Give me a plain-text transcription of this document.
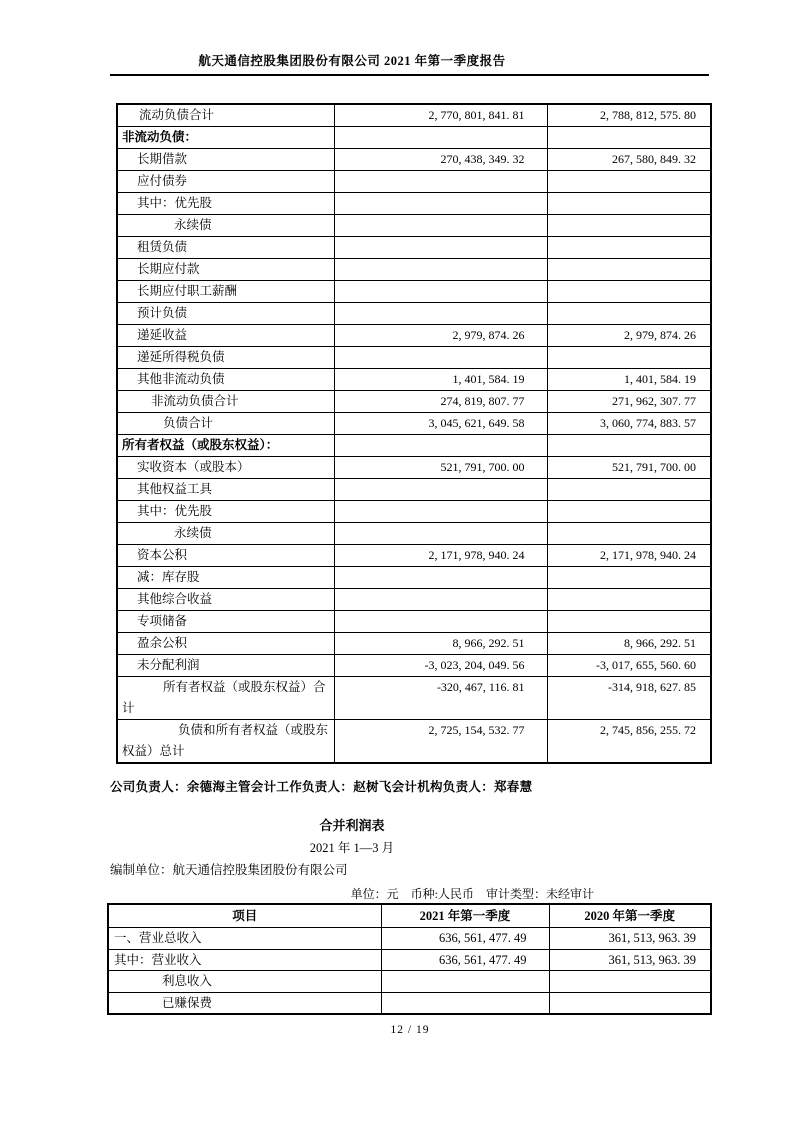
航天通信控股集团股份有限公司 2021 年第一季度报告
流动负债合计	2, 770, 801, 841. 81	2, 788, 812, 575. 80
非流动负债：		
长期借款	270, 438, 349. 32	267, 580, 849. 32
应付债券		
其中：优先股		
永续债		
租赁负债		
长期应付款		
长期应付职工薪酬		
预计负债		
递延收益	2, 979, 874. 26	2, 979, 874. 26
递延所得税负债		
其他非流动负债	1, 401, 584. 19	1, 401, 584. 19
非流动负债合计	274, 819, 807. 77	271, 962, 307. 77
负债合计	3, 045, 621, 649. 58	3, 060, 774, 883. 57
所有者权益（或股东权益）：		
实收资本（或股本）	521, 791, 700. 00	521, 791, 700. 00
其他权益工具		
其中：优先股		
永续债		
资本公积	2, 171, 978, 940. 24	2, 171, 978, 940. 24
减：库存股		
其他综合收益		
专项储备		
盈余公积	8, 966, 292. 51	8, 966, 292. 51
未分配利润	-3, 023, 204, 049. 56	-3, 017, 655, 560. 60
所有者权益（或股东权益）合计	-320, 467, 116. 81	-314, 918, 627. 85
负债和所有者权益（或股东权益）总计	2, 725, 154, 532. 77	2, 745, 856, 255. 72
公司负责人：余德海主管会计工作负责人：赵树飞会计机构负责人：郑春慧
合并利润表
2021 年 1—3 月
编制单位：航天通信控股集团股份有限公司
单位：元　币种:人民币　审计类型：未经审计
项目	2021 年第一季度	2020 年第一季度
一、营业总收入	636, 561, 477. 49	361, 513, 963. 39
其中：营业收入	636, 561, 477. 49	361, 513, 963. 39
利息收入		
已赚保费		
12 / 19
